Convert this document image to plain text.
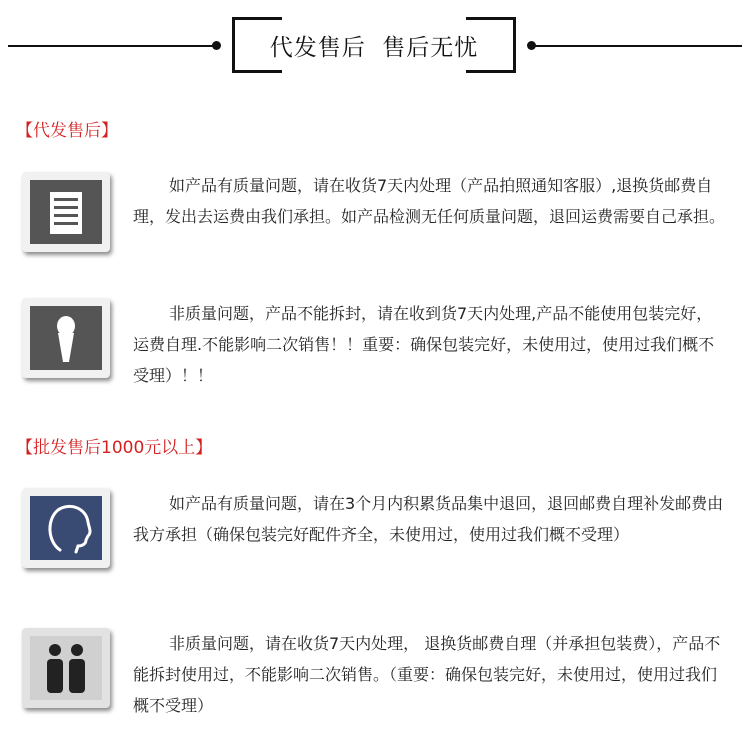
代发售后  售后无忧
【代发售后】
如产品有质量问题，请在收货7天内处理（产品拍照通知客服）,退换货邮费自理，发出去运费由我们承担。如产品检测无任何质量问题，退回运费需要自己承担。
非质量问题，产品不能拆封，请在收到货7天内处理,产品不能使用包装完好，运费自理.不能影响二次销售！！重要：确保包装完好，未使用过，使用过我们概不受理）！！
【批发售后1000元以上】
如产品有质量问题，请在3个月内积累货品集中退回，退回邮费自理补发邮费由我方承担（确保包装完好配件齐全，未使用过，使用过我们概不受理）
非质量问题，请在收货7天内处理， 退换货邮费自理（并承担包装费），产品不能拆封使用过，不能影响二次销售。（重要：确保包装完好，未使用过，使用过我们概不受理）
